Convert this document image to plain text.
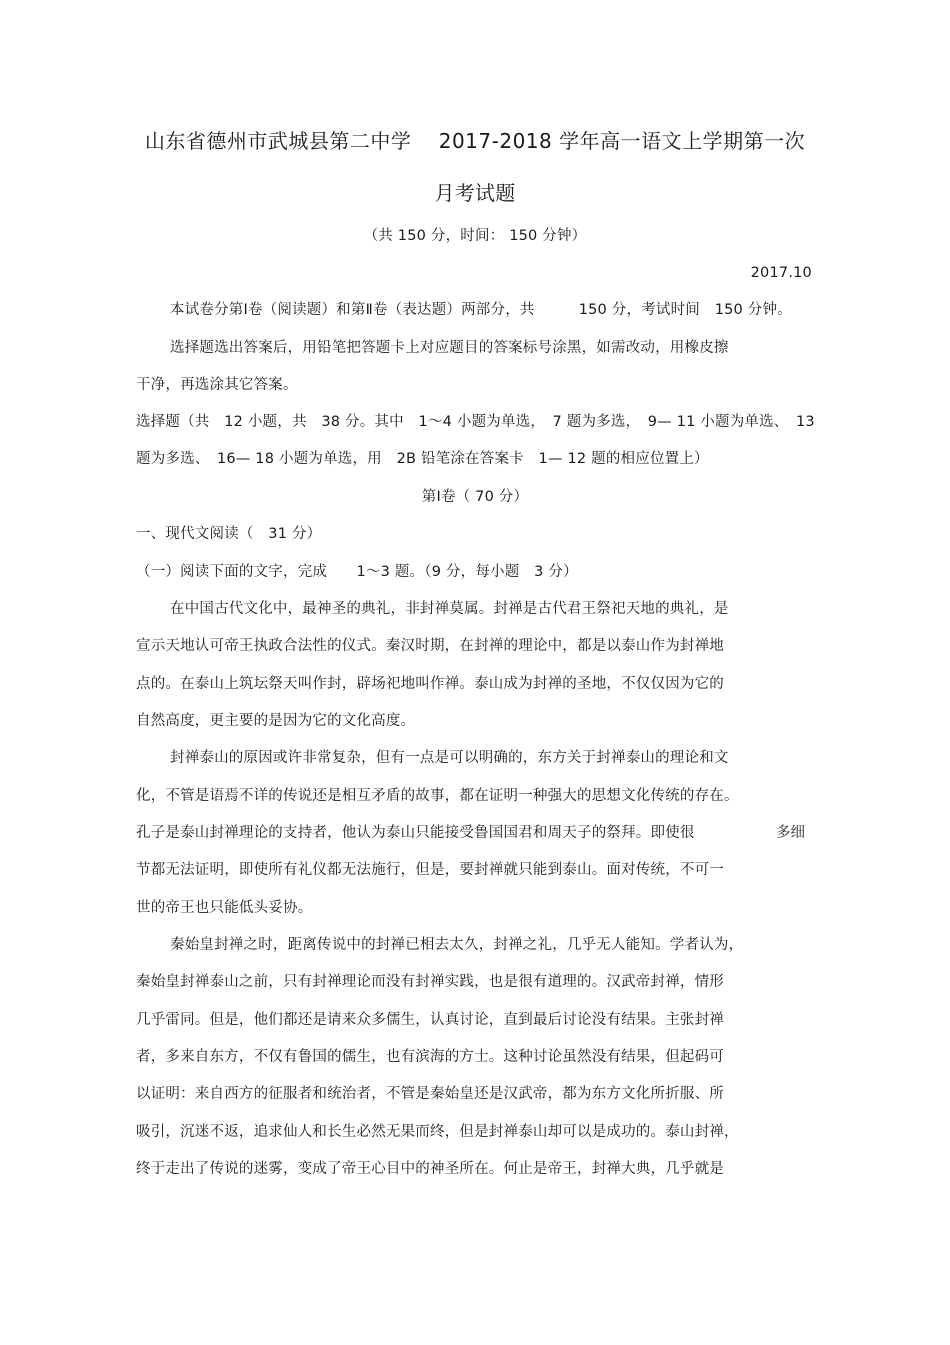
山东省德州市武城县第二中学　 2017-2018 学年高一语文上学期第一次
月考试题
（共 150 分，时间： 150 分钟）
2017.10
本试卷分第Ⅰ卷（阅读题）和第Ⅱ卷（表达题）两部分，共　　　150 分，考试时间　150 分钟。
选择题选出答案后，用铅笔把答题卡上对应题目的答案标号涂黑，如需改动，用橡皮擦
干净，再选涂其它答案。
选择题（共　12 小题，共　38 分。其中　1～4 小题为单选，　7 题为多选，　9— 11 小题为单选、　13
题为多选、　16— 18 小题为单选，用　2B 铅笔涂在答案卡　1— 12 题的相应位置上）
第Ⅰ卷（ 70 分）
一、现代文阅读（　31 分）
（一）阅读下面的文字，完成　　1～3 题。（9 分，每小题　3 分）
在中国古代文化中，最神圣的典礼，非封禅莫属。封禅是古代君王祭祀天地的典礼，是
宣示天地认可帝王执政合法性的仪式。秦汉时期，在封禅的理论中，都是以泰山作为封禅地
点的。在泰山上筑坛祭天叫作封，辟场祀地叫作禅。泰山成为封禅的圣地，不仅仅因为它的
自然高度，更主要的是因为它的文化高度。
封禅泰山的原因或许非常复杂，但有一点是可以明确的，东方关于封禅泰山的理论和文
化，不管是语焉不详的传说还是相互矛盾的故事，都在证明一种强大的思想文化传统的存在。
孔子是泰山封禅理论的支持者，他认为泰山只能接受鲁国国君和周天子的祭拜。即使很	多细
节都无法证明，即使所有礼仪都无法施行，但是，要封禅就只能到泰山。面对传统，不可一
世的帝王也只能低头妥协。
秦始皇封禅之时，距离传说中的封禅已相去太久，封禅之礼，几乎无人能知。学者认为，
秦始皇封禅泰山之前，只有封禅理论而没有封禅实践，也是很有道理的。汉武帝封禅，情形
几乎雷同。但是，他们都还是请来众多儒生，认真讨论，直到最后讨论没有结果。主张封禅
者，多来自东方，不仅有鲁国的儒生，也有滨海的方士。这种讨论虽然没有结果，但起码可
以证明：来自西方的征服者和统治者，不管是秦始皇还是汉武帝，都为东方文化所折服、所
吸引，沉迷不返，追求仙人和长生必然无果而终，但是封禅泰山却可以是成功的。泰山封禅，
终于走出了传说的迷雾，变成了帝王心目中的神圣所在。何止是帝王，封禅大典，几乎就是
